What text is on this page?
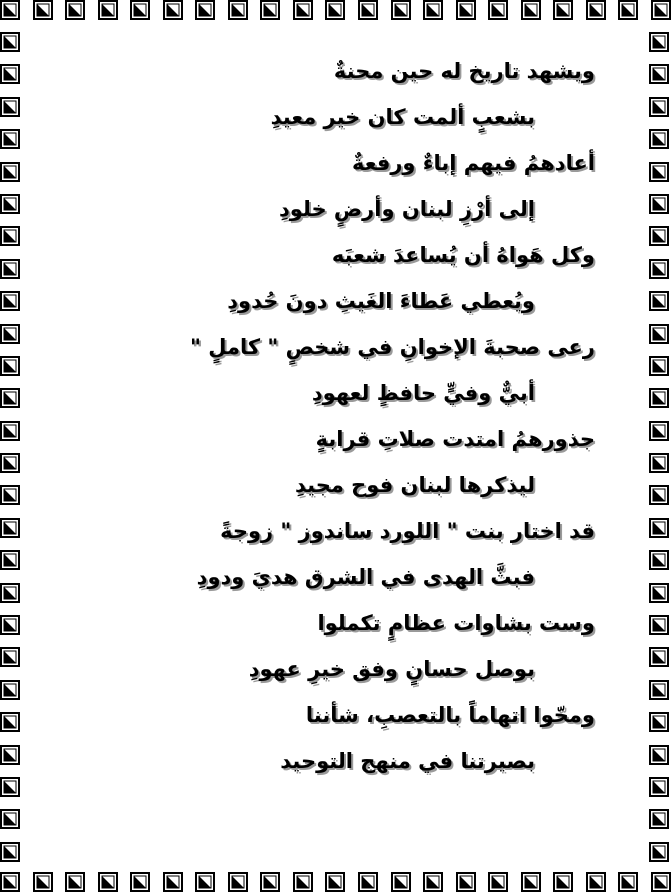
ويشهد تاريخ له حين محنةٌ
بشعبٍ ألمت كان خير معيدِ
أعادهمُ فيهم إباءٌ ورفعةٌ
إلى أرْزِ لبنان وأرضٍ خلودِ
وكل هَواهُ أن يُساعدَ شعبَه
ويُعطي عَطاءَ الغَيثِ دونَ حُدودِ
رعى صحبةَ الإخوانِ في شخصٍ " كاملٍ "
أبيٌّ وفيٍّ حافظٍ لعهودِ
جذورهمُ امتدت صلاتِ قرابةٍ
ليذكرها لبنان فوح مجيدِ
قد اختار بنت " اللورد ساندوز " زوجةً
فبثَّ الهدى في الشرق هديَ ودودِ
وست بشاوات عظامٍ تكملوا
بوصل حسانٍ وفق خيرِ عهودِ
ومحّوا اتهاماً بالتعصبِ، شأننا
بصيرتنا في منهج التوحيد
